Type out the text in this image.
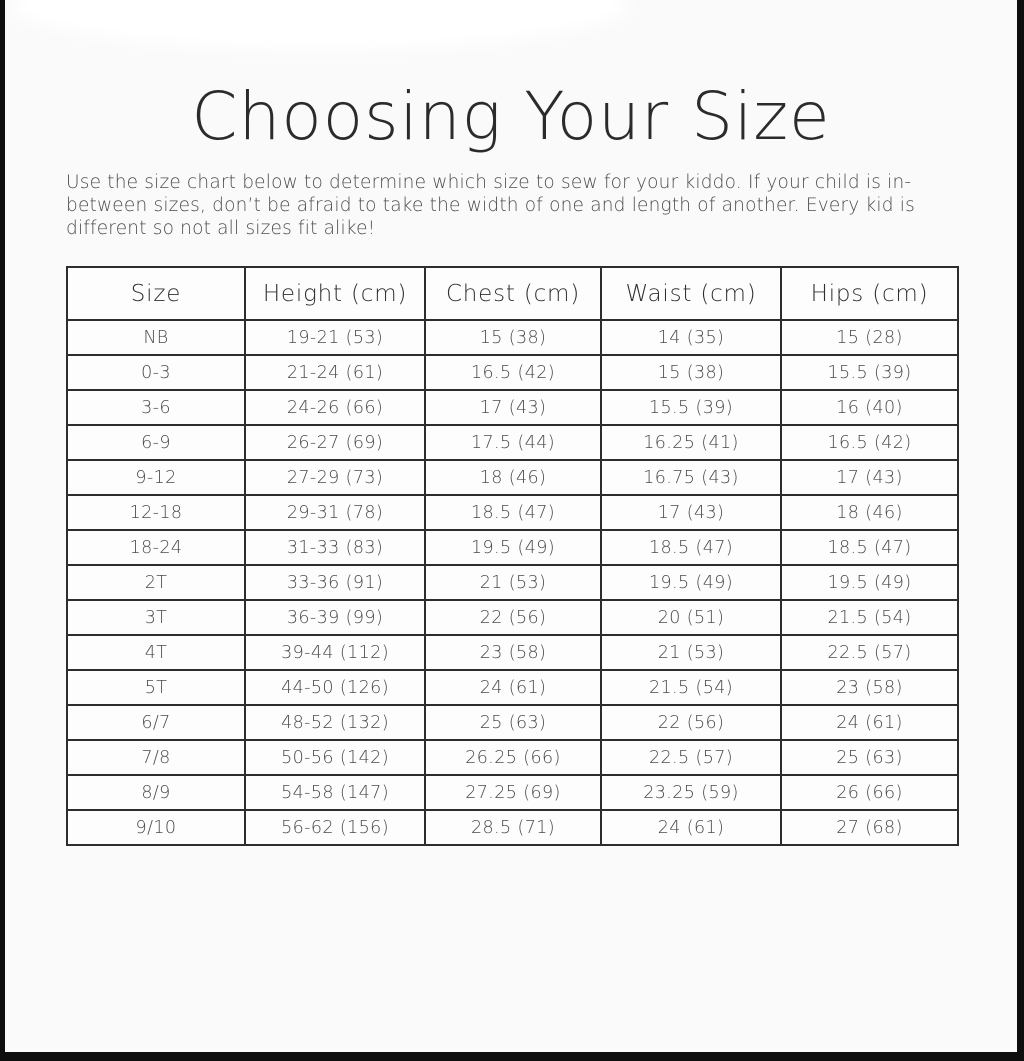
Choosing Your Size
Use the size chart below to determine which size to sew for your kiddo. If your child is in-
between sizes, don’t be afraid to take the width of one and length of another. Every kid is
different so not all sizes fit alike!
Size	Height (cm)	Chest (cm)	Waist (cm)	Hips (cm)
NB	19-21 (53)	15 (38)	14 (35)	15 (28)
0-3	21-24 (61)	16.5 (42)	15 (38)	15.5 (39)
3-6	24-26 (66)	17 (43)	15.5 (39)	16 (40)
6-9	26-27 (69)	17.5 (44)	16.25 (41)	16.5 (42)
9-12	27-29 (73)	18 (46)	16.75 (43)	17 (43)
12-18	29-31 (78)	18.5 (47)	17 (43)	18 (46)
18-24	31-33 (83)	19.5 (49)	18.5 (47)	18.5 (47)
2T	33-36 (91)	21 (53)	19.5 (49)	19.5 (49)
3T	36-39 (99)	22 (56)	20 (51)	21.5 (54)
4T	39-44 (112)	23 (58)	21 (53)	22.5 (57)
5T	44-50 (126)	24 (61)	21.5 (54)	23 (58)
6/7	48-52 (132)	25 (63)	22 (56)	24 (61)
7/8	50-56 (142)	26.25 (66)	22.5 (57)	25 (63)
8/9	54-58 (147)	27.25 (69)	23.25 (59)	26 (66)
9/10	56-62 (156)	28.5 (71)	24 (61)	27 (68)
